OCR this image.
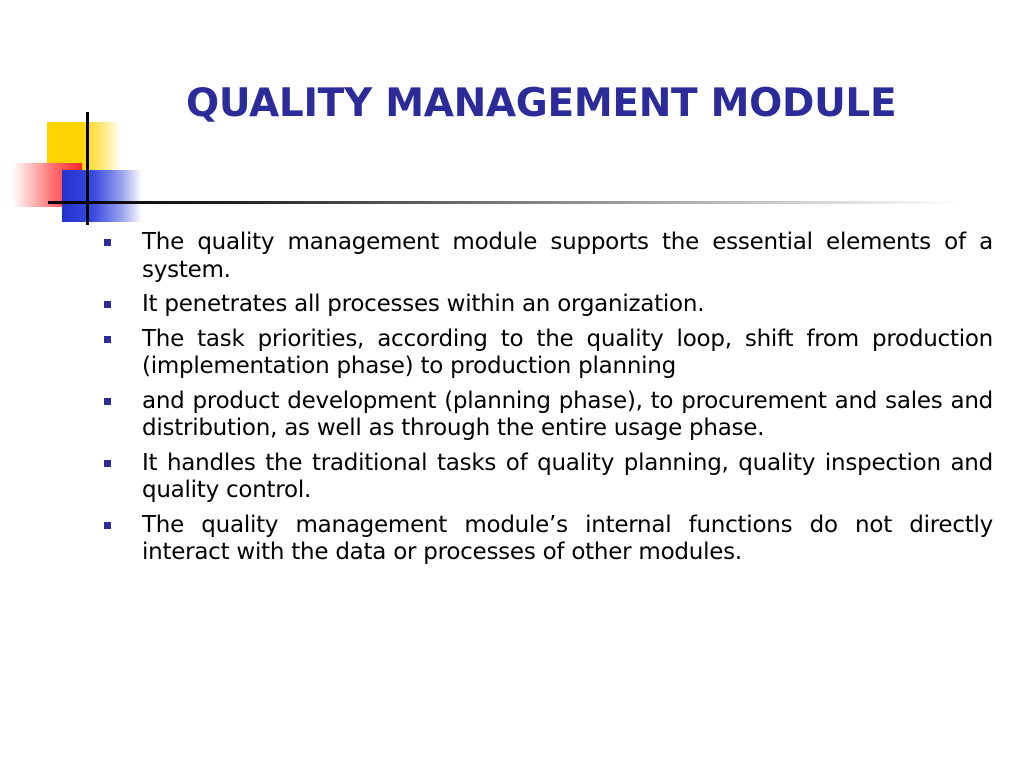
QUALITY MANAGEMENT MODULE
The quality management module supports the essential elements of a system.
It penetrates all processes within an organization.
The task priorities, according to the quality loop, shift from production (implementation phase) to production planning
and product development (planning phase), to procurement and sales and distribution, as well as through the entire usage phase.
It handles the traditional tasks of quality planning, quality inspection and quality control.
The quality management module’s internal functions do not directly interact with the data or processes of other modules.
